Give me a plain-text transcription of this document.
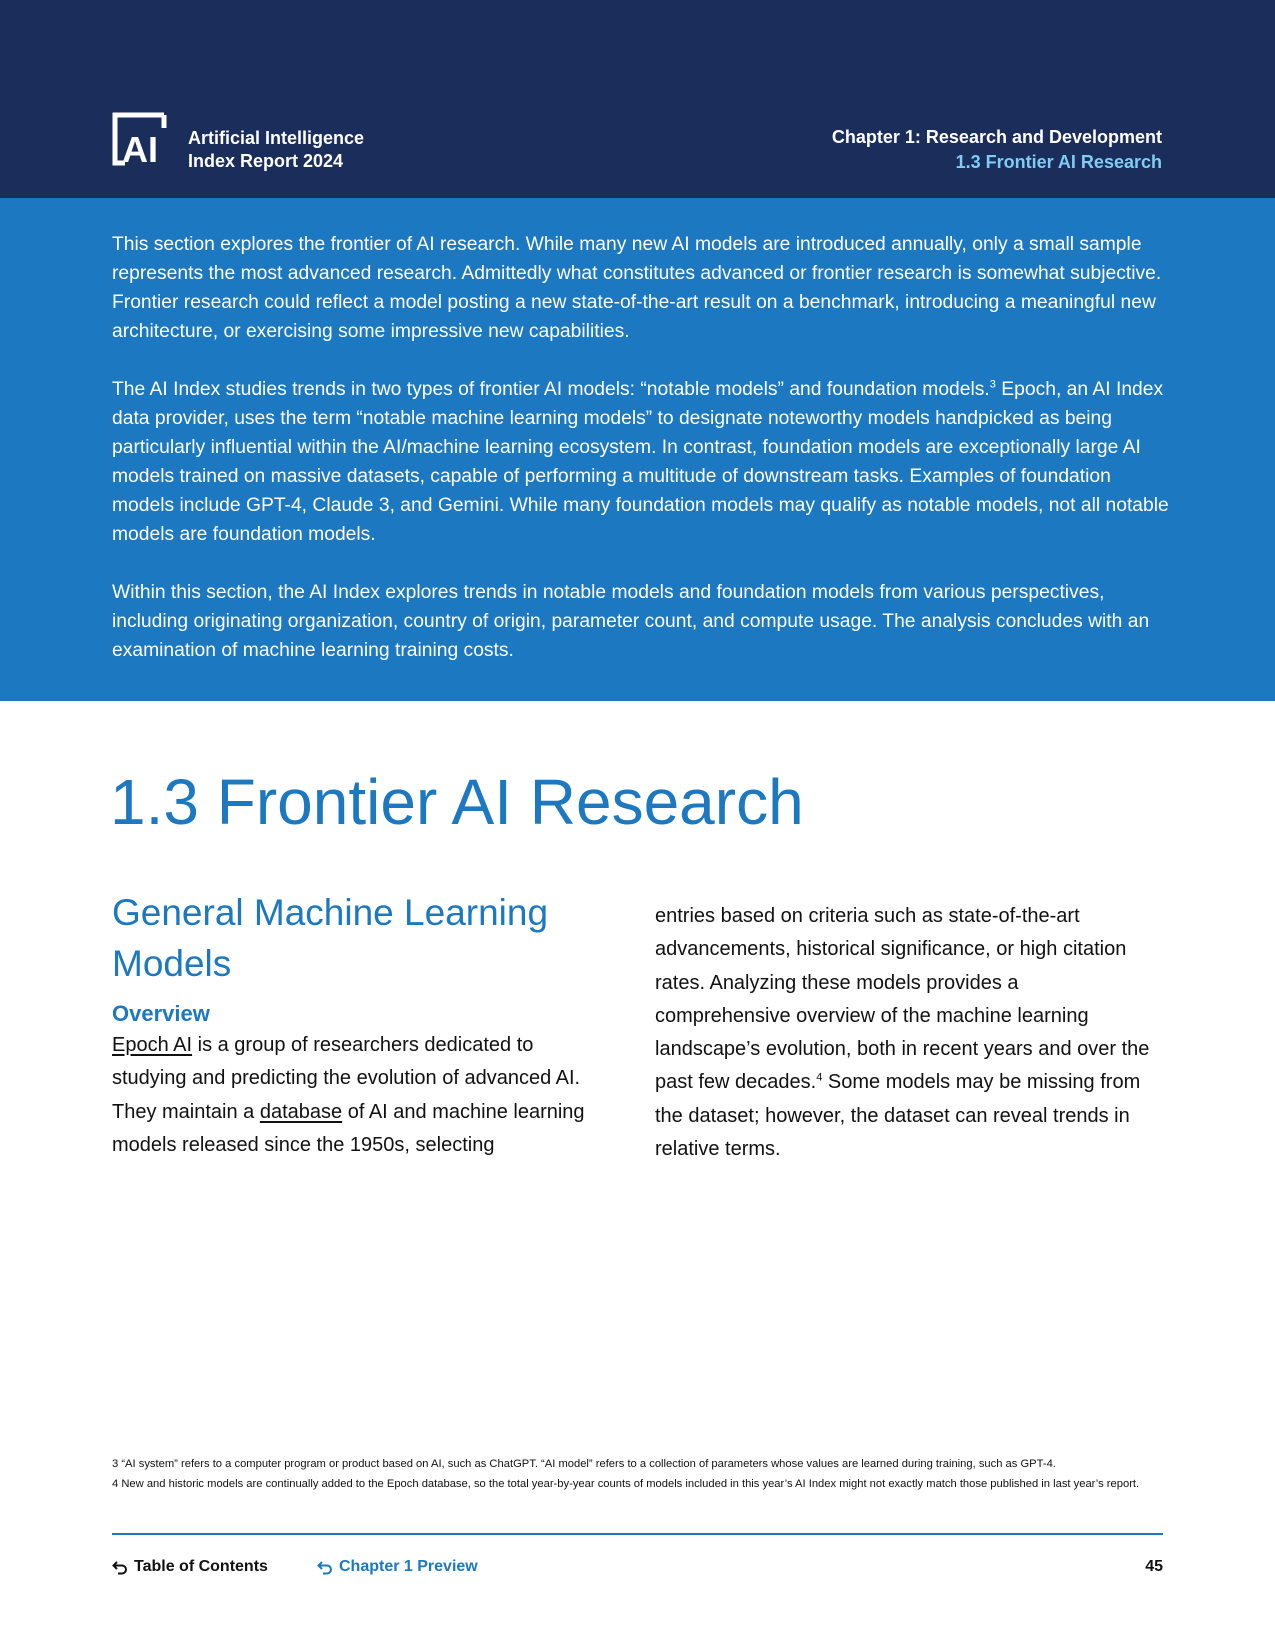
AI Artificial Intelligence
Index Report 2024
Chapter 1: Research and Development
1.3 Frontier AI Research

This section explores the frontier of AI research. While many new AI models are introduced annually, only a small sample represents the most advanced research. Admittedly what constitutes advanced or frontier research is somewhat subjective. Frontier research could reflect a model posting a new state-of-the-art result on a benchmark, introducing a meaningful new architecture, or exercising some impressive new capabilities.

The AI Index studies trends in two types of frontier AI models: “notable models” and foundation models.$^3$ Epoch, an AI Index data provider, uses the term “notable machine learning models” to designate noteworthy models handpicked as being particularly influential within the AI/machine learning ecosystem. In contrast, foundation models are exceptionally large AI models trained on massive datasets, capable of performing a multitude of downstream tasks. Examples of foundation models include GPT-4, Claude 3, and Gemini. While many foundation models may qualify as notable models, not all notable models are foundation models.

Within this section, the AI Index explores trends in notable models and foundation models from various perspectives, including originating organization, country of origin, parameter count, and compute usage. The analysis concludes with an examination of machine learning training costs.

1.3 Frontier AI Research
General Machine Learning Models
Overview

Epoch AI is a group of researchers dedicated to studying and predicting the evolution of advanced AI. They maintain a database of AI and machine learning models released since the 1950s, selecting

entries based on criteria such as state-of-the-art advancements, historical significance, or high citation rates. Analyzing these models provides a comprehensive overview of the machine learning landscape’s evolution, both in recent years and over the past few decades.$^4$ Some models may be missing from the dataset; however, the dataset can reveal trends in relative terms.

3 “AI system” refers to a computer program or product based on AI, such as ChatGPT. “AI model” refers to a collection of parameters whose values are learned during training, such as GPT-4.

4 New and historic models are continually added to the Epoch database, so the total year-by-year counts of models included in this year’s AI Index might not exactly match those published in last year’s report.

Table of Contents	Chapter 1 Preview	45
